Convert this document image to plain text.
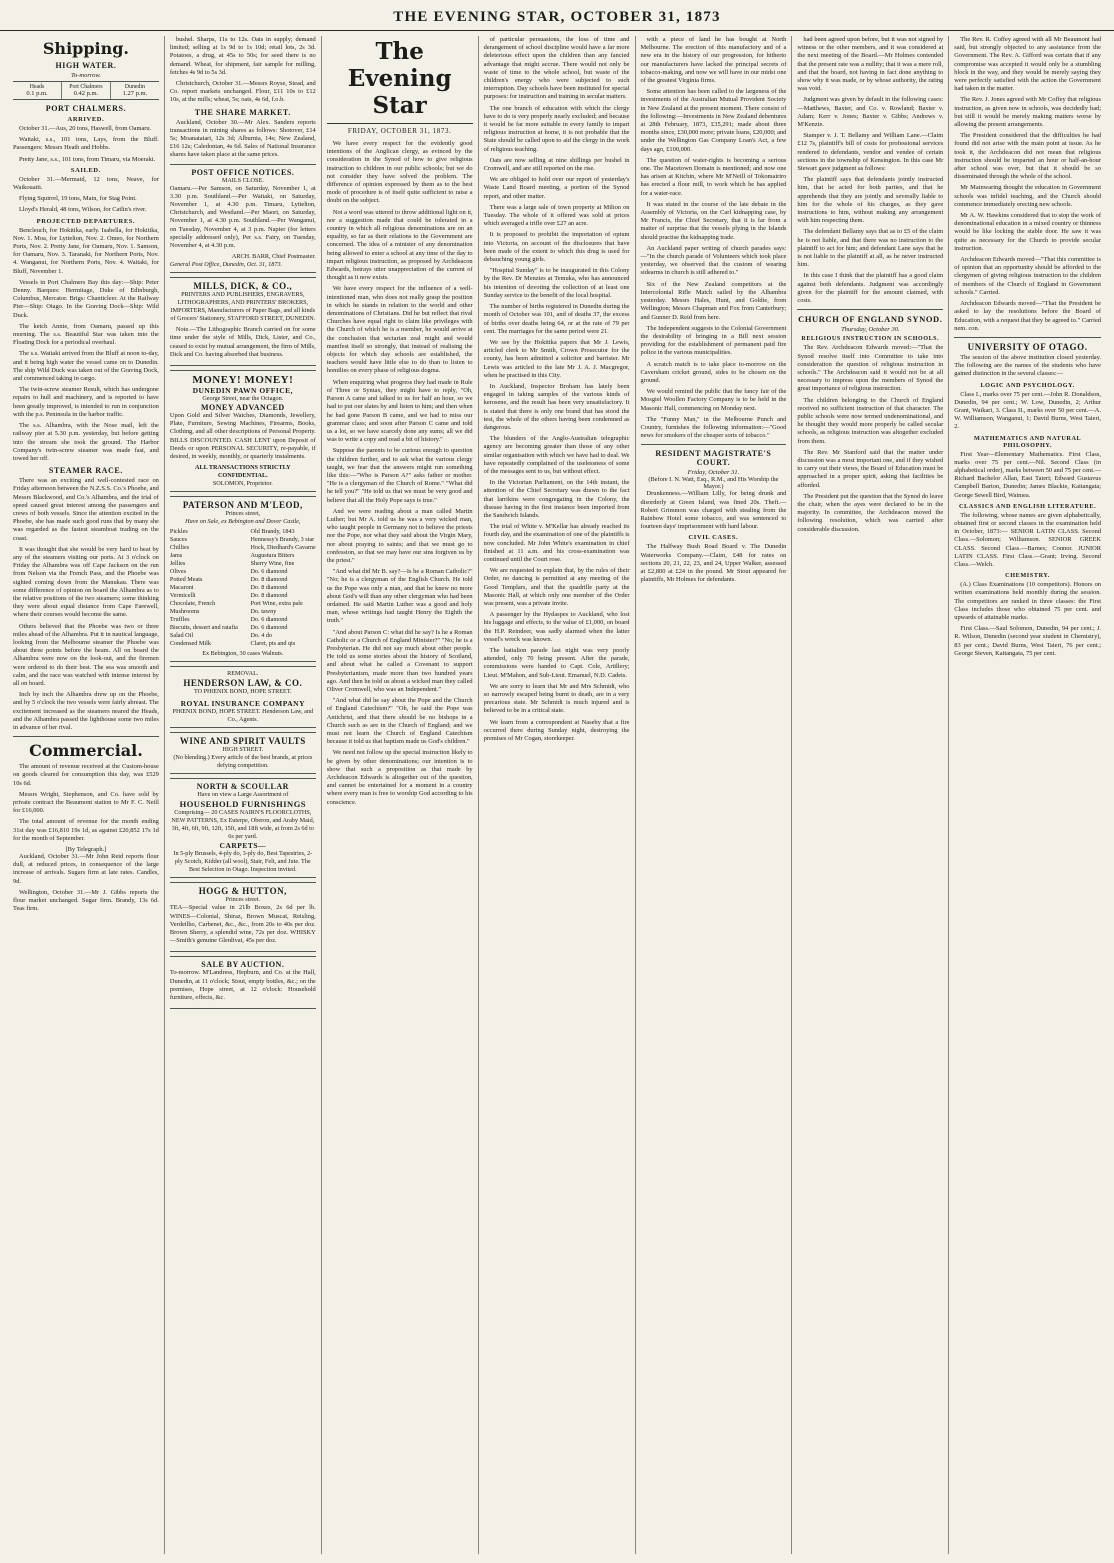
THE EVENING STAR, OCTOBER 31, 1873
Shipping.
HIGH WATER.
To-morrow.
Heads
0.1 p.m.
Port Chalmers
0.42 p.m.
Dunedin
1.27 p.m.
PORT CHALMERS.
ARRIVED.

October 31.—Aus, 20 tons, Haswell, from Oamaru.

Waitaki, s.s., 101 tons, Lays, from the Bluff. Passengers: Messrs Heath and Hobbs.

Pretty Jane, s.s., 101 tons, from Timaru, via Moeraki.

SAILED.

October 31.—Mermaid, 12 tons, Neave, for Waikouaiti.

Flying Squirrel, 19 tons, Main, for Stag Point.

Lloyd's Herald, 48 tons, Wilson, for Catlin's river.

PROJECTED DEPARTURES.

Bencleuch, for Hokitika, early. Isabella, for Hokitika, Nov. 1. Moa, for Lyttelton, Nov. 2. Omeo, for Northern Ports, Nov. 2. Pretty Jane, for Oamaru, Nov. 1. Samson, for Oamaru, Nov. 3. Taranaki, for Northern Ports, Nov. 4. Wanganui, for Northern Ports, Nov. 4. Waitaki, for Bluff, November 1.

Vessels in Port Chalmers Bay this day:—Ship: Peter Denny. Barques: Hermitage, Duke of Edinburgh, Columbus, Mercator. Brigs: Chanticleer. At the Railway Pier—Ship: Otago. In the Graving Dock—Ship: Wild Duck.

The ketch Annie, from Oamaru, passed up this morning. The s.s. Beautiful Star was taken into the Floating Dock for a periodical overhaul.

The s.s. Waitaki arrived from the Bluff at noon to-day, and it being high water the vessel came on to Dunedin. The ship Wild Duck was taken out of the Graving Dock, and commenced taking in cargo.

The twin-screw steamer Result, which has undergone repairs to hull and machinery, and is reported to have been greatly improved, is intended to run in conjunction with the p.s. Peninsula in the harbor traffic.

The s.s. Alhambra, with the Nose mail, left the railway pier at 5.30 p.m. yesterday, but before getting into the stream she took the ground. The Harbor Company's twin-screw steamer was made fast, and towed her off.

STEAMER RACE.

There was an exciting and well-contested race on Friday afternoon between the N.Z.S.S. Co.'s Phoebe, and Messrs Blackwood, and Co.'s Alhambra, and the trial of speed caused great interest among the passengers and crews of both vessels. Since the attention excited in the Phoebe, she has made such good runs that by many she was regarded as the fastest steamboat trading on the coast.

It was thought that she would be very hard to beat by any of the steamers visiting our ports. At 3 o'clock on Friday the Alhambra was off Cape Jackson on the run from Nelson via the French Pass, and the Phoebe was sighted coming down from the Manukau. There was some difference of opinion on board the Alhambra as to the relative positions of the two steamers; some thinking they were about equal distance from Cape Farewell, where their courses would become the same.

Others believed that the Phoebe was two or three miles ahead of the Alhambra. Put it in nautical language, looking from the Melbourne steamer the Phoebe was about three points before the beam. All on board the Alhambra were now on the look-out, and the firemen were ordered to do their best. The sea was smooth and calm, and the race was watched with intense interest by all on board.

Inch by inch the Alhambra drew up on the Phoebe, and by 5 o'clock the two vessels were fairly abreast. The excitement increased as the steamers neared the Heads, and the Alhambra passed the lighthouse some two miles in advance of her rival.

Commercial.

The amount of revenue received at the Custom-house on goods cleared for consumption this day, was £529 10s 6d.

Messrs Wright, Stephenson, and Co. have sold by private contract the Beaumont station to Mr F. C. Neill for £16,000.

The total amount of revenue for the month ending 31st day was £16,810 19s 1d, as against £20,852 17s 1d for the month of September.

[By Telegraph.]

Auckland, October 31.—Mr John Reid reports flour dull, at reduced prices, in consequence of the large increase of arrivals. Sugars firm at late rates. Candles, 9d.

Wellington, October 31.—Mr J. Gibbs reports the flour market unchanged. Sugar firm. Brandy, 13s 6d. Teas firm.

bushel. Sharps, 11s to 12s. Oats in supply; demand limited; selling at 1s 9d to 1s 10d; retail lots, 2s 3d. Potatoes, a drug, at 45s to 50s; for seed there is no demand. Wheat, for shipment, fair sample for milling, fetches 4s 9d to 5s 3d.

Christchurch, October 31.—Messrs Royse, Stead, and Co. report markets unchanged. Flour, £11 10s to £12 10s, at the mills; wheat, 5s; oats, 4s 6d, f.o.b.

THE SHARE MARKET.

Auckland, October 30.—Mr Alex. Sanders reports transactions in mining shares as follows: Shotover, £14 5s; Moanataiari, 12s 3d; Alburnia, 14s; New Zealand, £16 12s; Caledonian, 4s 6d. Sales of National Insurance shares have taken place at the same prices.

POST OFFICE NOTICES.
MAILS CLOSE.

Oamaru.—Per Samson, on Saturday, November 1, at 3.30 p.m. Southland.—Per Waitaki, on Saturday, November 1, at 4.30 p.m. Timaru, Lyttelton, Christchurch, and Westland.—Per Maori, on Saturday, November 1, at 4.30 p.m. Southland.—Per Wanganui, on Tuesday, November 4, at 3 p.m. Napier (for letters specially addressed only), Per s.s. Fairy, on Tuesday, November 4, at 4.30 p.m.

ARCH. BARR, Chief Postmaster.
General Post Office, Dunedin, Oct. 31, 1873.
MILLS, DICK, & CO.,
PRINTERS AND PUBLISHERS, ENGRAVERS, LITHOGRAPHERS, AND PRINTERS' BROKERS, IMPORTERS, Manufacturers of Paper Bags, and all kinds of Grocers' Stationery, STAFFORD STREET, DUNEDIN.

Note.—The Lithographic Branch carried on for some time under the style of Mills, Dick, Lister, and Co., ceased to exist by mutual arrangement, the firm of Mills, Dick and Co. having absorbed that business.

MONEY! MONEY!
DUNEDIN PAWN OFFICE,
George Street, near the Octagon.
MONEY ADVANCED

Upon Gold and Silver Watches, Diamonds, Jewellery, Plate, Furniture, Sewing Machines, Firearms, Books, Clothing, and all other descriptions of Personal Property. BILLS DISCOUNTED. CASH LENT upon Deposit of Deeds or upon PERSONAL SECURITY, re-payable, if desired, in weekly, monthly, or quarterly instalments.

ALL TRANSACTIONS STRICTLY CONFIDENTIAL.
SOLOMON, Proprietor.
PATERSON AND M'LEOD,
Princes street,
Have on Sale, ex Bebington and Dover Castle,
Pickles
Sauces
Chillies
Jams
Jellies
Olives
Potted Meats
Macaroni
Vermicelli
Chocolate, French
Mushrooms
Truffles
Biscuits, dessert and ratafia
Salad Oil
Condensed Milk
Old Brandy, 1843
Hennessy's Brandy, 3 star
Hock, Diedhard's Cavarne
Augustura Bitters
Sherry Wine, fine
Do. 6 diamond
Do. 8 diamond
Do. 8 diamond
Do. 8 diamond
Port Wine, extra pale
Do. tawny
Do. 6 diamond
Do. 6 diamond
Do. 4 do
Claret, pts and qts
Ex Bebington, 30 cases Walnuts.
REMOVAL.
HENDERSON LAW, & CO.
TO PHŒNIX BOND, HOPE STREET.
ROYAL INSURANCE COMPANY
PHŒNIX BOND, HOPE STREET. Henderson Law, and Co., Agents.
WINE AND SPIRIT VAULTS
HIGH STREET.
(No blending.) Every article of the best brands, at prices defying competition.
NORTH & SCOULLAR
Have on view a Large Assortment of
HOUSEHOLD FURNISHINGS
Comprising— 20 CASES NAIRN'S FLOORCLOTHS, NEW PATTERNS, Ex Euterpe, Oberon, and Araby Maid, 3ft, 4ft, 6ft, 9ft, 12ft, 15ft, and 18ft wide, at from 2s 6d to 6s per yard.
CARPETS—
In 5-ply Brussels, 4-ply do, 3-ply do, Best Tapestries, 2-ply Scotch, Kidder (all wool), Stair, Felt, and Jute. The Best Selection in Otago. Inspection invited.
HOGG & HUTTON,
Princes street.

TEA—Special value in 21lb Boxes, 2s 6d per lb. WINES—Colonial, Shiraz, Brown Muscat, Reisling, Verdeilho, Carbenet, &c., &c., from 20s to 40s per doz. Brown Sherry, a splendid wine, 72s per doz. WHISKY—Smith's genuine Glenlivat, 45s per doz.

SALE BY AUCTION.

To-morrow. M'Landress, Hepburn, and Co. at the Hall, Dunedin, at 11 o'clock; Stout, empty bottles, &c.; on the premises, Hope street, at 12 o'clock: Household furniture, effects, &c.

The Evening Star
FRIDAY, OCTOBER 31, 1873.

We have every respect for the evidently good intentions of the Anglican clergy, as evinced by the consideration in the Synod of how to give religious instruction to children in our public schools; but we do not consider they have solved the problem. The difference of opinion expressed by them as to the best mode of procedure is of itself quite sufficient to raise a doubt on the subject.

Not a word was uttered to throw additional light on it, nor a suggestion made that could be tolerated in a country in which all religious denominations are on an equality, so far as their relations to the Government are concerned. The idea of a minister of any denomination being allowed to enter a school at any time of the day to impart religious instruction, as proposed by Archdeacon Edwards, betrays utter unappreciation of the current of thought as it now exists.

We have every respect for the influence of a well-intentioned man, who does not really grasp the position in which he stands in relation to the world and other denominations of Christians. Did he but reflect that rival Churches have equal right to claim like privileges with the Church of which he is a member, he would arrive at the conclusion that sectarian zeal might and would manifest itself so strongly, that instead of realising the objects for which day schools are established, the teachers would have little else to do than to listen to homilies on every phase of religious dogma.

When enquiring what progress they had made in Rule of Three or Syntax, they might have to reply, "Oh, Parson A came and talked to us for half an hour, so we had to put our slates by and listen to him; and then when he had gone Parson B came, and we had to miss our grammar class; and soon after Parson C came and told us a lot, so we have scarcely done any sums; all we did was to write a copy and read a bit of history."

Suppose the parents to be curious enough to question the children further, and to ask what the various clergy taught, we fear that the answers might run something like this:—"Who is Parson A?" asks father or mother. "He is a clergyman of the Church of Rome." "What did he tell you?" "He told us that we must be very good and believe that all the Holy Pope says is true."

And we were reading about a man called Martin Luther; but Mr A. told us he was a very wicked man, who taught people in Germany not to believe the priests nor the Pope, nor what they said about the Virgin Mary, nor about praying to saints; and that we must go to confession, so that we may have our sins forgiven us by the priest."

"And what did Mr B. say?—Is he a Roman Catholic?" "No; he is a clergyman of the English Church. He told us the Pope was only a man, and that he knew no more about God's will than any other clergyman who had been ordained. He said Martin Luther was a good and holy man, whose writings had taught Henry the Eighth the truth."

"And about Parson C: what did he say? Is he a Roman Catholic or a Church of England Minister?" "No; he is a Presbyterian. He did not say much about other people. He told us some stories about the history of Scotland, and about what he called a Covenant to support Presbyterianism, made more than two hundred years ago. And then he told us about a wicked man they called Oliver Cromwell, who was an Independent."

"And what did he say about the Pope and the Church of England Catechism?" "Oh, he said the Pope was Antichrist, and that there should be no bishops in a Church such as are in the Church of England; and we must not learn the Church of England Catechism because it told us that baptism made us God's children."

We need not follow up the special instruction likely to be given by other denominations; our intention is to show that such a proposition as that made by Archdeacon Edwards is altogether out of the question, and cannot be entertained for a moment in a country where every man is free to worship God according to his conscience.

of particular persuasions, the loss of time and derangement of school discipline would have a far more deleterious effect upon the children than any fancied advantage that might accrue. There would not only be waste of time to the whole school, but waste of the children's energy who were subjected to such interruption. Day schools have been instituted for special purposes: for instruction and training in secular matters.

The one branch of education with which the clergy have to do is very properly nearly excluded; and because it would be far more suitable in every family to impart religious instruction at home, it is not probable that the State should be called upon to aid the clergy in the work of religious teaching.

Oats are now selling at nine shillings per bushel in Cromwell, and are still reported on the rise.

We are obliged to hold over our report of yesterday's Waste Land Board meeting, a portion of the Synod report, and other matter.

There was a large sale of town property at Milton on Tuesday. The whole of it offered was sold at prices which averaged a trifle over £27 an acre.

It is proposed to prohibit the importation of opium into Victoria, on account of the disclosures that have been made of the extent to which this drug is used for debauching young girls.

"Hospital Sunday" is to be inaugurated in this Colony by the Rev. Dr Menzies at Temuka, who has announced his intention of devoting the collection of at least one Sunday service to the benefit of the local hospital.

The number of births registered in Dunedin during the month of October was 101, and of deaths 37, the excess of births over deaths being 64, or at the rate of 79 per cent. The marriages for the same period were 21.

We see by the Hokitika papers that Mr J. Lewis, articled clerk to Mr Smith, Crown Prosecutor for the county, has been admitted a solicitor and barrister. Mr Lewis was articled to the late Mr J. A. J. Macgregor, when he practised in this City.

In Auckland, Inspector Broham has lately been engaged in taking samples of the various kinds of kerosene, and the result has been very unsatisfactory. It is stated that there is only one brand that has stood the test, the whole of the others having been condemned as dangerous.

The blunders of the Anglo-Australian telegraphic agency are becoming greater than those of any other similar organisation with which we have had to deal. We have repeatedly complained of the uselessness of some of the messages sent to us, but without effect.

In the Victorian Parliament, on the 14th instant, the attention of the Chief Secretary was drawn to the fact that larrikins were congregating in the Colony, the disease having in the first instance been imported from the Sandwich Islands.

The trial of White v. M'Kellar has already reached its fourth day, and the examination of one of the plaintiffs is now concluded. Mr John White's examination in chief finished at 11 a.m. and his cross-examination was continued until the Court rose.

We are requested to explain that, by the rules of their Order, no dancing is permitted at any meeting of the Good Templars, and that the quadrille party at the Masonic Hall, at which only one member of the Order was present, was a private invite.

A passenger by the Hydaspes to Auckland, who lost his luggage and effects, to the value of £1,000, on board the H.P. Reindeer, was sadly alarmed when the latter vessel's wreck was known.

The battalion parade last night was very poorly attended, only 70 being present. After the parade, commissions were handed to Capt. Cole, Artillery; Lieut. M'Mahon, and Sub-Lieut. Emanuel, N.D. Cadets.

We are sorry to learn that Mr and Mrs Schmidt, who so narrowly escaped being burnt to death, are in a very precarious state. Mr Schmidt is much injured and is believed to be in a critical state.

We learn from a correspondent at Naseby that a fire occurred there during Sunday night, destroying the premises of Mr Cogan, storekeeper.

with a piece of land he has bought at North Melbourne. The erection of this manufactory and of a new era in the history of our progression, for hitherto our manufacturers have lacked the principal secrets of tobacco-making, and now we will have in our midst one of the greatest Virginia firms.

Some attention has been called to the largeness of the investments of the Australian Mutual Provident Society in New Zealand at the present moment. There consist of the following:—Investments in New Zealand debentures at 28th February, 1873, £35,291; made about three months since, £30,000 more; private loans, £20,000; and under the Wellington Gas Company Loan's Act, a few days ago, £100,000.

The question of water-rights is becoming a serious one. The Macetown Domain is mentioned; and now one has arisen at Kitchin, where Mr M'Neill of Tokomairiro has erected a flour mill, to work which he has applied for a water-race.

It was stated in the course of the late debate in the Assembly of Victoria, on the Carl kidnapping case, by Mr Francis, the Chief Secretary, that it is far from a matter of surprise that the vessels plying in the Islands should practise the kidnapping trade.

An Auckland paper writing of church parades says:—"In the church parade of Volunteers which took place yesterday, we observed that the custom of wearing sidearms in church is still adhered to."

Six of the New Zealand competitors at the Intercolonial Rifle Match sailed by the Alhambra yesterday. Messrs Hales, Hunt, and Goldie, from Wellington; Messrs Chapman and Fox from Canterbury; and Gunner D. Reid from here.

The Independent suggests to the Colonial Government the desirability of bringing in a Bill next session providing for the establishment of permanent paid fire police in the various municipalities.

A scratch match is to take place to-morrow on the Caversham cricket ground, sides to be chosen on the ground.

We would remind the public that the fancy fair of the Mosgiel Woollen Factory Company is to be held in the Masonic Hall, commencing on Monday next.

The "Funny Man," in the Melbourne Punch and Country, furnishes the following information:—"Good news for smokers of the cheaper sorts of tobacco."

RESIDENT MAGISTRATE'S COURT.
Friday, October 31.
(Before I. N. Watt, Esq., R.M., and His Worship the Mayor.)

Drunkenness.—William Lilly, for being drunk and disorderly at Green Island, was fined 20s. Theft.—Robert Grimmon was charged with stealing from the Rainbow Hotel some tobacco, and was sentenced to fourteen days' imprisonment with hard labour.

CIVIL CASES.

The Halfway Bush Road Board v. The Dunedin Waterworks Company.—Claim, £48 for rates on sections 20, 21, 22, 23, and 24, Upper Walker, assessed at £2,800 at £24 in the pound. Mr Stout appeared for plaintiffs, Mr Holmes for defendants.

had been agreed upon before, but it was not signed by witness or the other members, and it was considered at the next meeting of the Board.—Mr Holmes contended that the present rate was a nullity; that it was a mere roll, and that the board, not having in fact done anything to show why it was made, or by whose authority, the rating was void.

Judgment was given by default in the following cases:—Matthews, Baxter, and Co. v. Rowland; Baxter v. Adam; Kerr v. Jones; Baxter v. Gibbs; Andrews v. M'Kenzie.

Stamper v. J. T. Bellamy and William Lane.—Claim £12 7s, plaintiff's bill of costs for professional services rendered to defendants, vendor and vendee of certain sections in the township of Kensington. In this case Mr Stewart gave judgment as follows:

The plaintiff says that defendants jointly instructed him, that he acted for both parties, and that he apprehends that they are jointly and severally liable to him for the whole of his charges, as they gave instructions to him, without making any arrangement with him respecting them.

The defendant Bellamy says that as to £5 of the claim he is not liable, and that there was no instruction to the plaintiff to act for him; and defendant Lane says that he is not liable to the plaintiff at all, as he never instructed him.

In this case I think that the plaintiff has a good claim against both defendants. Judgment was accordingly given for the plaintiff for the amount claimed, with costs.

CHURCH OF ENGLAND SYNOD.
Thursday, October 30.
RELIGIOUS INSTRUCTION IN SCHOOLS.

The Rev. Archdeacon Edwards moved:—"That the Synod resolve itself into Committee to take into consideration the question of religious instruction in schools." The Archdeacon said it would not be at all necessary to impress upon the members of Synod the great importance of religious instruction.

The children belonging to the Church of England received no sufficient instruction of that character. The public schools were now termed undenominational, and he thought they would more properly be called secular schools, as religious instruction was altogether excluded from them.

The Rev. Mr Stanford said that the matter under discussion was a most important one, and if they wished to carry out their views, the Board of Education must be approached in a proper spirit, asking that facilities be afforded.

The President put the question that the Synod do leave the chair, when the ayes were declared to be in the majority. In committee, the Archdeacon moved the following resolution, which was carried after considerable discussion.

The Rev. R. Coffey agreed with all Mr Beaumont had said, but strongly objected to any assistance from the Government. The Rev. A. Gifford was certain that if any compromise was accepted it would only be a stumbling block in the way, and they would be merely saying they were perfectly satisfied with the action the Government had taken in the matter.

The Rev. J. Jones agreed with Mr Coffey that religious instruction, as given now in schools, was decidedly bad; but still it would be merely making matters worse by allowing the present arrangements.

The President considered that the difficulties he had found did not arise with the main point at issue. As he took it, the Archdeacon did not mean that religious instruction should be imparted an hour or half-an-hour after school was over, but that it should be so disseminated through the whole of the school.

Mr Mainwaring thought the education in Government schools was infidel teaching, and the Church should commence immediately erecting new schools.

Mr A. W. Hawkins considered that to stop the work of denominational education in a mixed country or thinness would be like locking the stable door. He saw it was quite as necessary for the Church to provide secular instruction.

Archdeacon Edwards moved—"That this committee is of opinion that an opportunity should be afforded to the clergymen of giving religious instruction to the children of members of the Church of England in Government schools." Carried.

Archdeacon Edwards moved—"That the President be asked to lay the resolutions before the Board of Education, with a request that they be agreed to." Carried nem. con.

UNIVERSITY OF OTAGO.

The session of the above institution closed yesterday. The following are the names of the students who have gained distinction in the several classes:—

LOGIC AND PSYCHOLOGY.

Class I., marks over 75 per cent.—John R. Donaldson, Dunedin, 94 per cent.; W. Low, Dunedin, 2; Arthur Grant, Waikari, 3. Class II., marks over 50 per cent.—A. W. Williamson, Wanganui, 1; David Burns, West Taieri, 2.

MATHEMATICS AND NATURAL PHILOSOPHY.

First Year—Elementary Mathematics. First Class, marks over 75 per cent.—Nil. Second Class (in alphabetical order), marks between 50 and 75 per cent.—Richard Bachelor Allan, East Taieri; Edward Gustavus Campbell Barton, Dunedin; James Blackie, Kaitangata; George Sewell Bird, Waimea.

CLASSICS AND ENGLISH LITERATURE.

The following, whose names are given alphabetically, obtained first or second classes in the examination held in October, 1873:— SENIOR LATIN CLASS. Second Class.—Solomon; Williamson. SENIOR GREEK CLASS. Second Class.—Barnes; Connor. JUNIOR LATIN CLASS. First Class.—Grant; Irving. Second Class.—Welch.

CHEMISTRY.

(A.) Class Examinations (10 competitors). Honors on written examinations held monthly during the session. The competitors are ranked in three classes: the First Class includes those who obtained 75 per cent. and upwards of attainable marks.

First Class.—Saul Solomon, Dunedin, 94 per cent.; J. R. Wilson, Dunedin (second year student in Chemistry), 83 per cent.; David Burns, West Taieri, 76 per cent.; George Steven, Kaitangata, 75 per cent.
